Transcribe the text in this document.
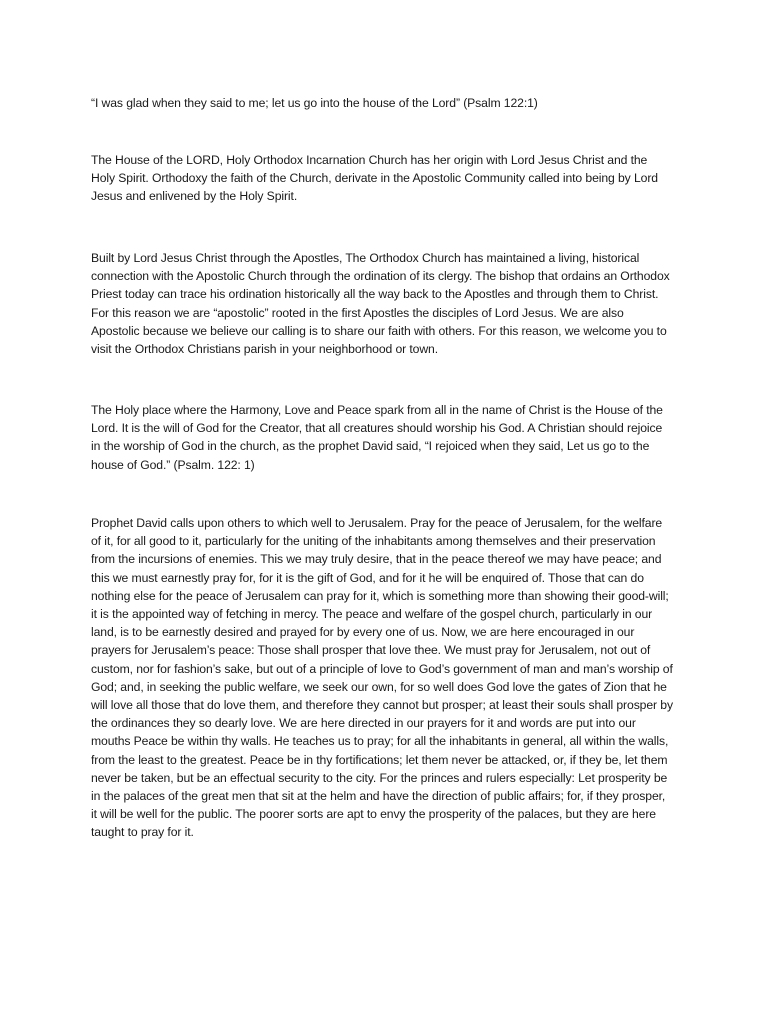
“I was glad when they said to me; let us go into the house of the Lord” (Psalm 122:1)

The House of the LORD, Holy Orthodox Incarnation Church has her origin with Lord Jesus Christ and the Holy Spirit. Orthodoxy the faith of the Church, derivate in the Apostolic Community called into being by Lord Jesus and enlivened by the Holy Spirit.

Built by Lord Jesus Christ through the Apostles, The Orthodox Church has maintained a living, historical connection with the Apostolic Church through the ordination of its clergy. The bishop that ordains an Orthodox Priest today can trace his ordination historically all the way back to the Apostles and through them to Christ. For this reason we are “apostolic” rooted in the first Apostles the disciples of Lord Jesus. We are also Apostolic because we believe our calling is to share our faith with others. For this reason, we welcome you to visit the Orthodox Christians parish in your neighborhood or town.

The Holy place where the Harmony, Love and Peace spark from all in the name of Christ is the House of the Lord. It is the will of God for the Creator, that all creatures should worship his God. A Christian should rejoice in the worship of God in the church, as the prophet David said, “I rejoiced when they said, Let us go to the house of God.” (Psalm. 122: 1)

Prophet David calls upon others to which well to Jerusalem. Pray for the peace of Jerusalem, for the welfare of it, for all good to it, particularly for the uniting of the inhabitants among themselves and their preservation from the incursions of enemies. This we may truly desire, that in the peace thereof we may have peace; and this we must earnestly pray for, for it is the gift of God, and for it he will be enquired of. Those that can do nothing else for the peace of Jerusalem can pray for it, which is something more than showing their good-will; it is the appointed way of fetching in mercy. The peace and welfare of the gospel church, particularly in our land, is to be earnestly desired and prayed for by every one of us. Now, we are here encouraged in our prayers for Jerusalem’s peace: Those shall prosper that love thee. We must pray for Jerusalem, not out of custom, nor for fashion’s sake, but out of a principle of love to God’s government of man and man’s worship of God; and, in seeking the public welfare, we seek our own, for so well does God love the gates of Zion that he will love all those that do love them, and therefore they cannot but prosper; at least their souls shall prosper by the ordinances they so dearly love. We are here directed in our prayers for it and words are put into our mouths Peace be within thy walls. He teaches us to pray; for all the inhabitants in general, all within the walls, from the least to the greatest. Peace be in thy fortifications; let them never be attacked, or, if they be, let them never be taken, but be an effectual security to the city. For the princes and rulers especially: Let prosperity be in the palaces of the great men that sit at the helm and have the direction of public affairs; for, if they prosper, it will be well for the public. The poorer sorts are apt to envy the prosperity of the palaces, but they are here taught to pray for it.
